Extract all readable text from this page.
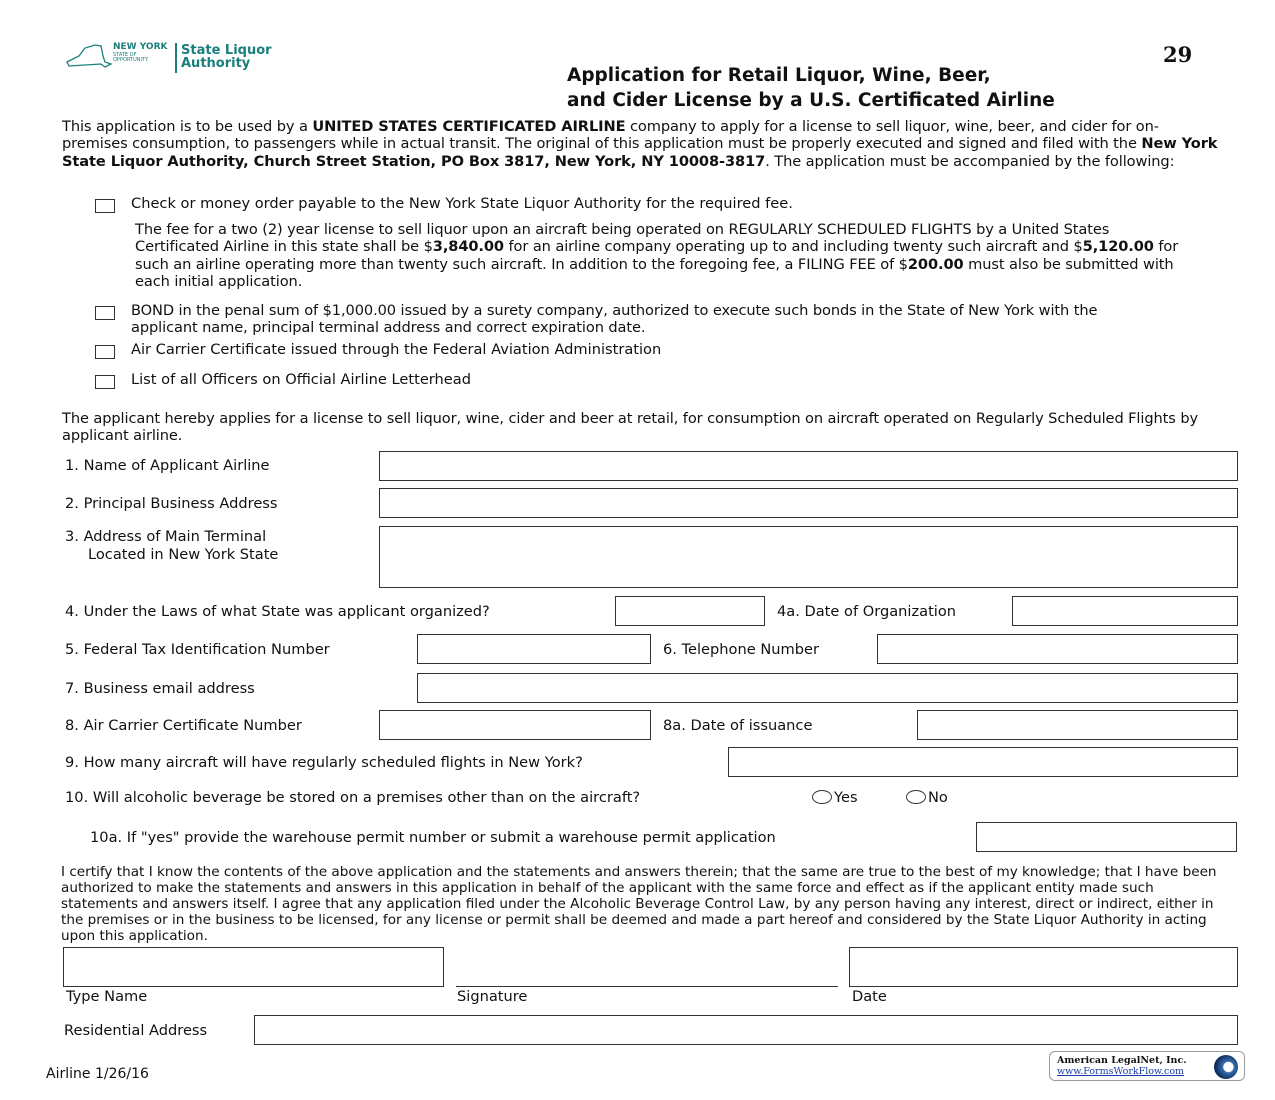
NEW YORK
STATE OF
OPPORTUNITY.
State Liquor
Authority	29
Application for Retail Liquor, Wine, Beer,
and Cider License by a U.S. Certificated Airline
This application is to be used by a UNITED STATES CERTIFICATED AIRLINE company to apply for a license to sell liquor, wine, beer, and cider for on-premises consumption, to passengers while in actual transit. The original of this application must be properly executed and signed and filed with the New York State Liquor Authority, Church Street Station, PO Box 3817, New York, NY 10008-3817. The application must be accompanied by the following:
Check or money order payable to the New York State Liquor Authority for the required fee.
The fee for a two (2) year license to sell liquor upon an aircraft being operated on REGULARLY SCHEDULED FLIGHTS by a United States Certificated Airline in this state shall be $3,840.00 for an airline company operating up to and including twenty such aircraft and $5,120.00 for such an airline operating more than twenty such aircraft. In addition to the foregoing fee, a FILING FEE of $200.00 must also be submitted with each initial application.
BOND in the penal sum of $1,000.00 issued by a surety company, authorized to execute such bonds in the State of New York with the applicant name, principal terminal address and correct expiration date.
Air Carrier Certificate issued through the Federal Aviation Administration
List of all Officers on Official Airline Letterhead
The applicant hereby applies for a license to sell liquor, wine, cider and beer at retail, for consumption on aircraft operated on Regularly Scheduled Flights by applicant airline.
1. Name of Applicant Airline
2. Principal Business Address
3. Address of Main Terminal
Located in New York State
4. Under the Laws of what State was applicant organized?	4a. Date of Organization
5. Federal Tax Identification Number	6. Telephone Number
7. Business email address
8. Air Carrier Certificate Number	8a. Date of issuance
9. How many aircraft will have regularly scheduled flights in New York?
10. Will alcoholic beverage be stored on a premises other than on the aircraft?	Yes	No
10a. If "yes" provide the warehouse permit number or submit a warehouse permit application
I certify that I know the contents of the above application and the statements and answers therein; that the same are true to the best of my knowledge; that I have been authorized to make the statements and answers in this application in behalf of the applicant with the same force and effect as if the applicant entity made such statements and answers itself. I agree that any application filed under the Alcoholic Beverage Control Law, by any person having any interest, direct or indirect, either in the premises or in the business to be licensed, for any license or permit shall be deemed and made a part hereof and considered by the State Liquor Authority in acting upon this application.
Type Name	Signature	Date
Residential Address
Airline 1/26/16
American LegalNet, Inc.
www.FormsWorkFlow.com
